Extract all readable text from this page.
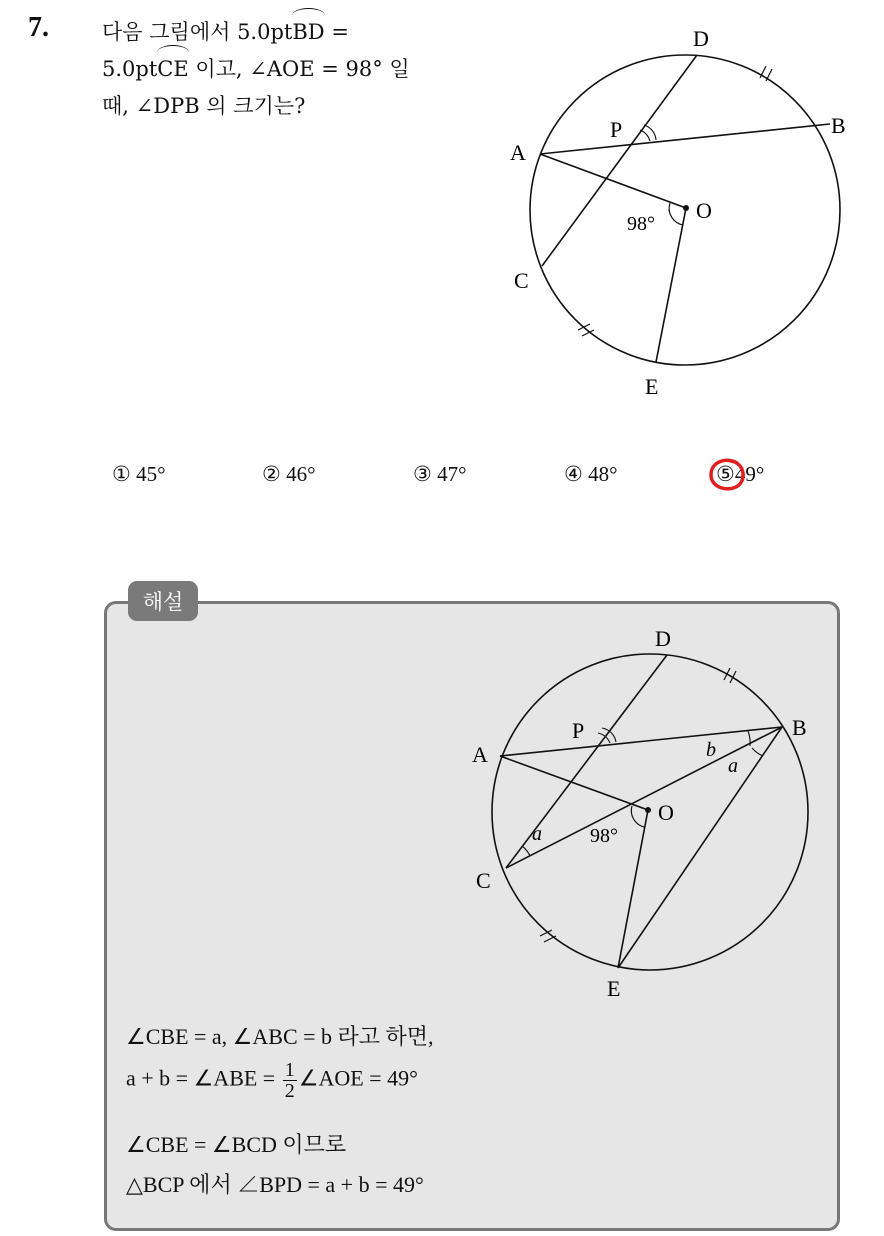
7.	다음 그림에서 5.0ptBD =
5.0ptCE 이고, ∠AOE = 98° 일
때, ∠DPB 의 크기는?
D
B
A
P
O
C
E
98°
① 45°	② 46°	③ 47°	④ 48°	⑤49°
해설
D
B
A
P
O
C
E
98°
a
a
b
∠CBE = a, ∠ABC = b 라고 하면,
a + b = ∠ABE = $\frac{1}{2}$ ∠AOE = 49°
∠CBE = ∠BCD 이므로
△BCP 에서 ∠BPD = a + b = 49°
